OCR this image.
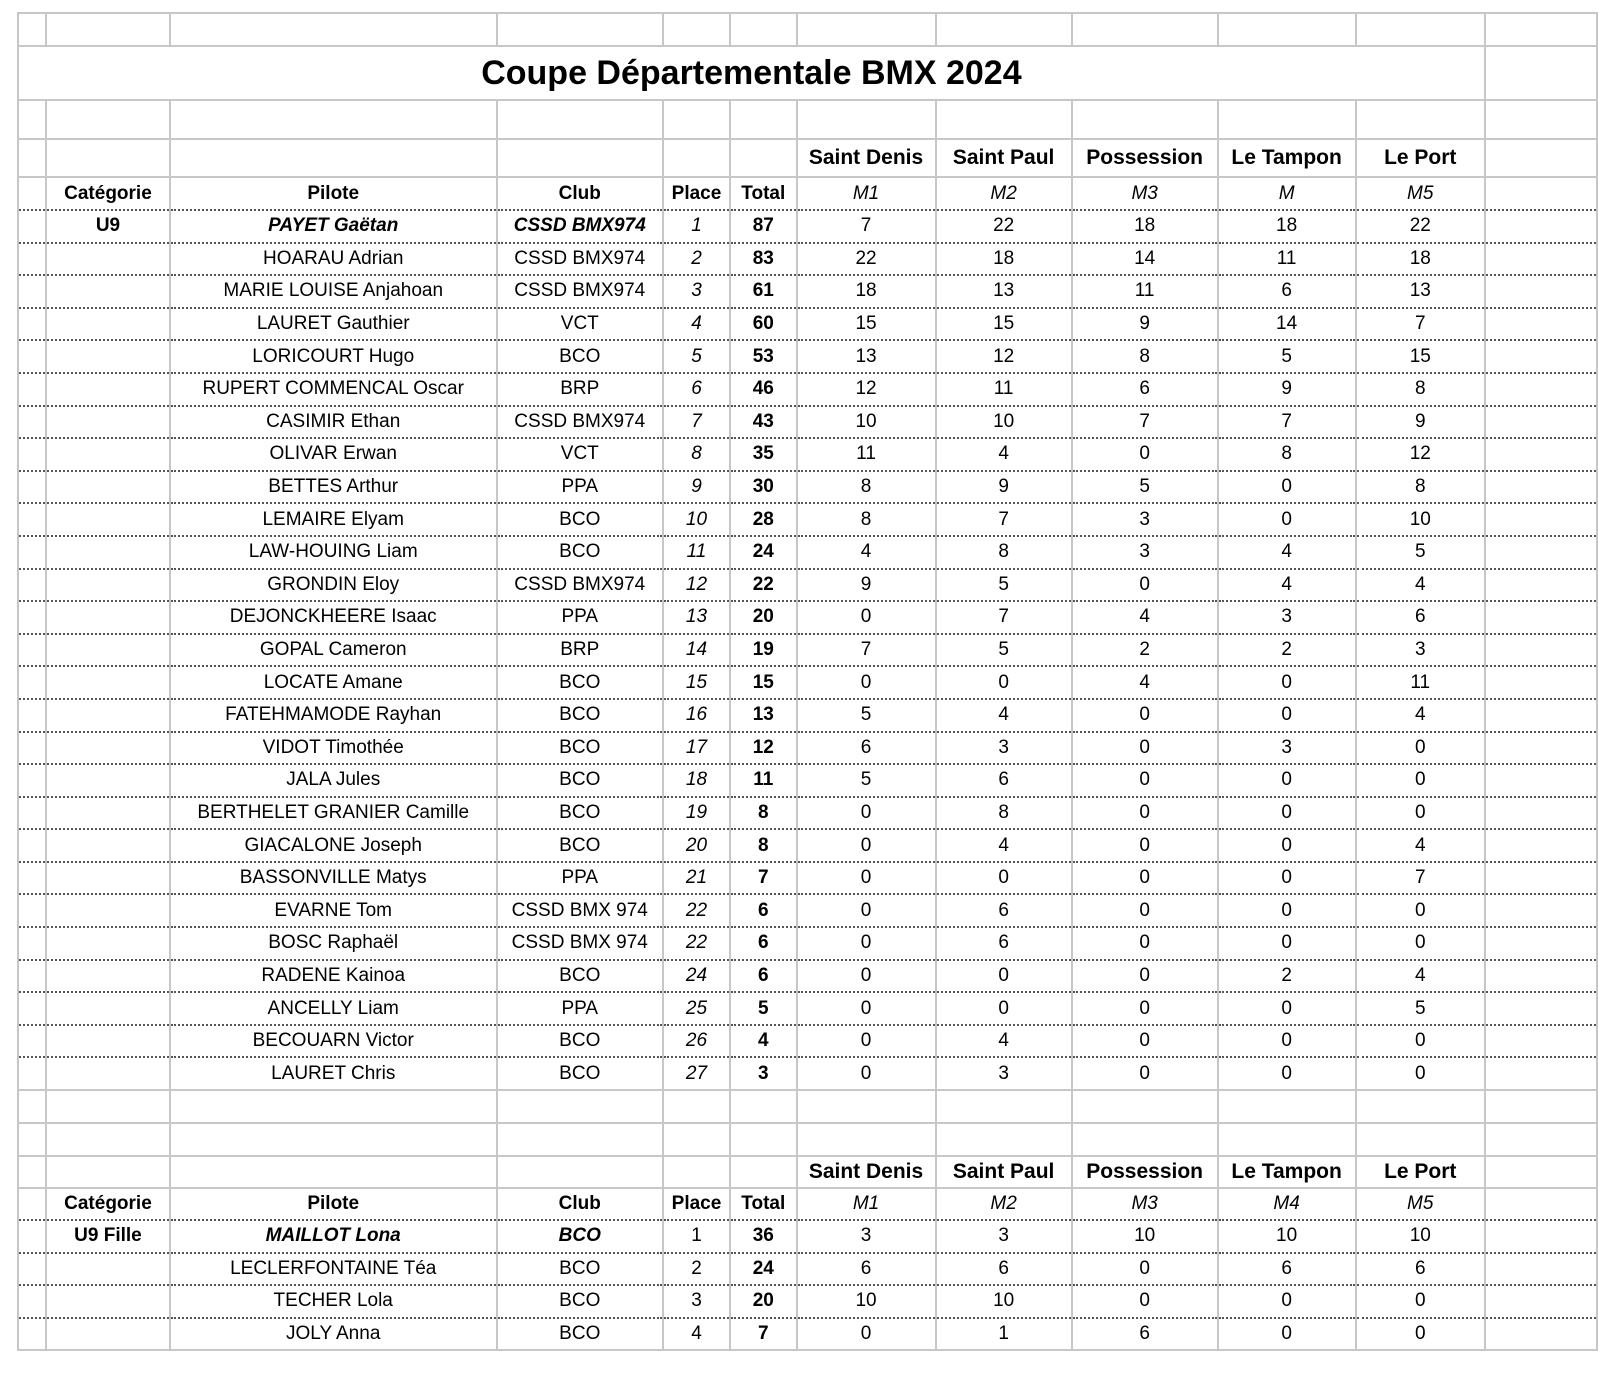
Coupe Départementale BMX 2024											

						Saint Denis	Saint Paul	Possession	Le Tampon	Le Port	
	Catégorie	Pilote	Club	Place	Total	M1	M2	M3	M	M5	
	U9	PAYET Gaëtan	CSSD BMX974	1	87	7	22	18	18	22	
		HOARAU Adrian	CSSD BMX974	2	83	22	18	14	11	18	
		MARIE LOUISE Anjahoan	CSSD BMX974	3	61	18	13	11	6	13	
		LAURET Gauthier	VCT	4	60	15	15	9	14	7	
		LORICOURT Hugo	BCO	5	53	13	12	8	5	15	
		RUPERT COMMENCAL Oscar	BRP	6	46	12	11	6	9	8	
		CASIMIR Ethan	CSSD BMX974	7	43	10	10	7	7	9	
		OLIVAR Erwan	VCT	8	35	11	4	0	8	12	
		BETTES Arthur	PPA	9	30	8	9	5	0	8	
		LEMAIRE Elyam	BCO	10	28	8	7	3	0	10	
		LAW-HOUING Liam	BCO	11	24	4	8	3	4	5	
		GRONDIN Eloy	CSSD BMX974	12	22	9	5	0	4	4	
		DEJONCKHEERE Isaac	PPA	13	20	0	7	4	3	6	
		GOPAL Cameron	BRP	14	19	7	5	2	2	3	
		LOCATE Amane	BCO	15	15	0	0	4	0	11	
		FATEHMAMODE Rayhan	BCO	16	13	5	4	0	0	4	
		VIDOT Timothée	BCO	17	12	6	3	0	3	0	
		JALA Jules	BCO	18	11	5	6	0	0	0	
		BERTHELET GRANIER Camille	BCO	19	8	0	8	0	0	0	
		GIACALONE Joseph	BCO	20	8	0	4	0	0	4	
		BASSONVILLE Matys	PPA	21	7	0	0	0	0	7	
		EVARNE Tom	CSSD BMX 974	22	6	0	6	0	0	0	
		BOSC Raphaël	CSSD BMX 974	22	6	0	6	0	0	0	
		RADENE Kainoa	BCO	24	6	0	0	0	2	4	
		ANCELLY Liam	PPA	25	5	0	0	0	0	5	
		BECOUARN Victor	BCO	26	4	0	4	0	0	0	
		LAURET Chris	BCO	27	3	0	3	0	0	0	

						Saint Denis	Saint Paul	Possession	Le Tampon	Le Port	
	Catégorie	Pilote	Club	Place	Total	M1	M2	M3	M4	M5	
	U9 Fille	MAILLOT Lona	BCO	1	36	3	3	10	10	10	
		LECLERFONTAINE Téa	BCO	2	24	6	6	0	6	6	
		TECHER Lola	BCO	3	20	10	10	0	0	0	
		JOLY Anna	BCO	4	7	0	1	6	0	0	
